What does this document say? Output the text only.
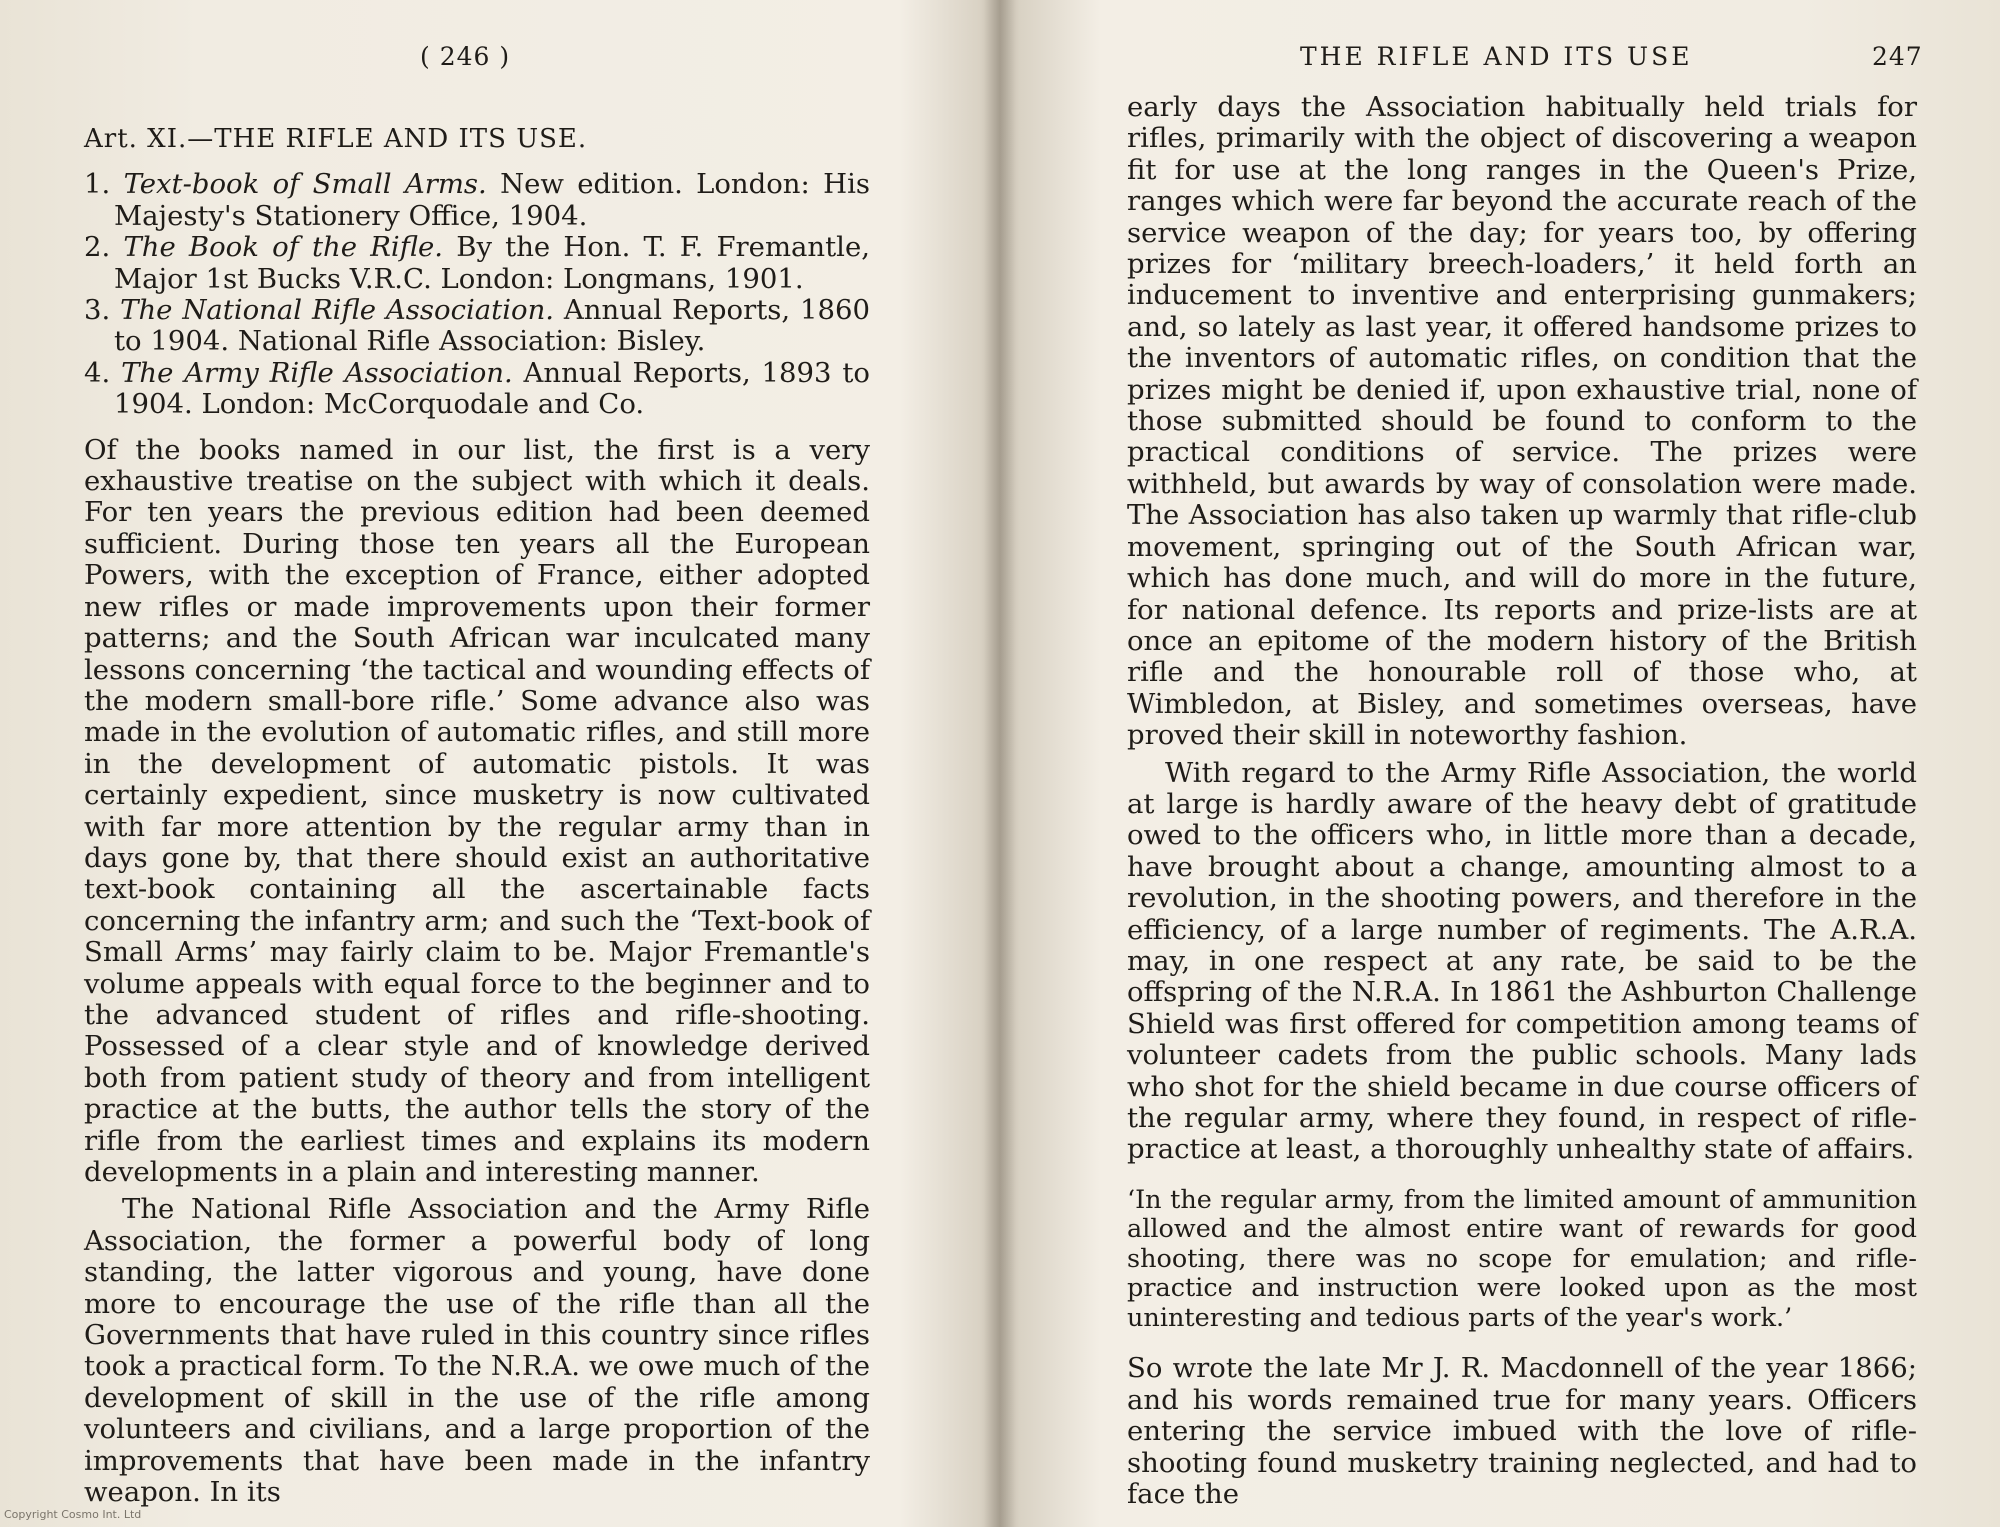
( 246 )
Art. XI.—THE RIFLE AND ITS USE.
1. Text-book of Small Arms. New edition. London: His Majesty's Stationery Office, 1904.
2. The Book of the Rifle. By the Hon. T. F. Fremantle, Major 1st Bucks V.R.C. London: Longmans, 1901.
3. The National Rifle Association. Annual Reports, 1860 to 1904. National Rifle Association: Bisley.
4. The Army Rifle Association. Annual Reports, 1893 to 1904. London: McCorquodale and Co.

Of the books named in our list, the first is a very exhaustive treatise on the subject with which it deals. For ten years the previous edition had been deemed sufficient. During those ten years all the European Powers, with the exception of France, either adopted new rifles or made improvements upon their former patterns; and the South African war inculcated many lessons concerning ‘the tactical and wounding effects of the modern small-bore rifle.’ Some advance also was made in the evolution of automatic rifles, and still more in the development of automatic pistols. It was certainly expedient, since musketry is now cultivated with far more attention by the regular army than in days gone by, that there should exist an authoritative text-book containing all the ascertainable facts concerning the infantry arm; and such the ‘Text-book of Small Arms’ may fairly claim to be. Major Fremantle's volume appeals with equal force to the beginner and to the advanced student of rifles and rifle-shooting. Possessed of a clear style and of knowledge derived both from patient study of theory and from intelligent practice at the butts, the author tells the story of the rifle from the earliest times and explains its modern developments in a plain and interesting manner.

The National Rifle Association and the Army Rifle Association, the former a powerful body of long standing, the latter vigorous and young, have done more to encourage the use of the rifle than all the Governments that have ruled in this country since rifles took a practical form. To the N.R.A. we owe much of the development of skill in the use of the rifle among volunteers and civilians, and a large proportion of the improvements that have been made in the infantry weapon. In its

THE RIFLE AND ITS USE	247

early days the Association habitually held trials for rifles, primarily with the object of discovering a weapon fit for use at the long ranges in the Queen's Prize, ranges which were far beyond the accurate reach of the service weapon of the day; for years too, by offering prizes for ‘military breech-loaders,’ it held forth an inducement to inventive and enterprising gunmakers; and, so lately as last year, it offered handsome prizes to the inventors of automatic rifles, on condition that the prizes might be denied if, upon exhaustive trial, none of those submitted should be found to conform to the practical conditions of service. The prizes were withheld, but awards by way of consolation were made. The Association has also taken up warmly that rifle-club movement, springing out of the South African war, which has done much, and will do more in the future, for national defence. Its reports and prize-lists are at once an epitome of the modern history of the British rifle and the honourable roll of those who, at Wimbledon, at Bisley, and sometimes overseas, have proved their skill in noteworthy fashion.

With regard to the Army Rifle Association, the world at large is hardly aware of the heavy debt of gratitude owed to the officers who, in little more than a decade, have brought about a change, amounting almost to a revolution, in the shooting powers, and therefore in the efficiency, of a large number of regiments. The A.R.A. may, in one respect at any rate, be said to be the offspring of the N.R.A. In 1861 the Ashburton Challenge Shield was first offered for competition among teams of volunteer cadets from the public schools. Many lads who shot for the shield became in due course officers of the regular army, where they found, in respect of rifle-practice at least, a thoroughly unhealthy state of affairs.

‘In the regular army, from the limited amount of ammunition allowed and the almost entire want of rewards for good shooting, there was no scope for emulation; and rifle-practice and instruction were looked upon as the most uninteresting and tedious parts of the year's work.’

So wrote the late Mr J. R. Macdonnell of the year 1866; and his words remained true for many years. Officers entering the service imbued with the love of rifle-shooting found musketry training neglected, and had to face the

Copyright Cosmo Int. Ltd
